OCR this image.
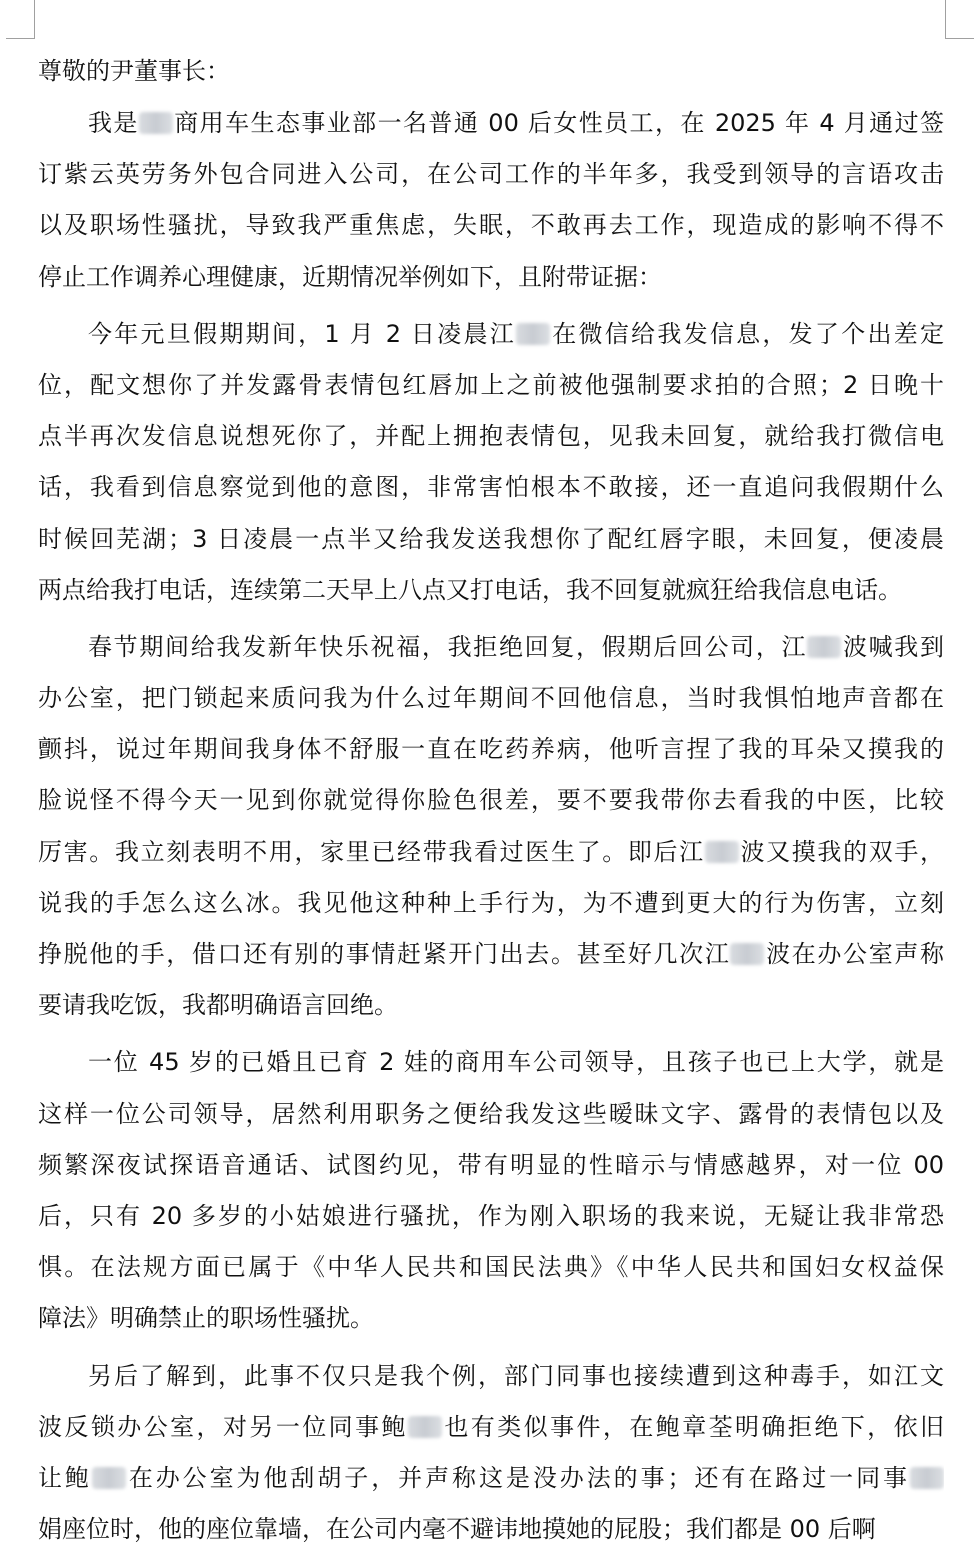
尊敬的尹董事长：
我是 商用车生态事业部一名普通 00 后女性员工，在 2025 年 4 月通过签
订紫云英劳务外包合同进入公司，在公司工作的半年多，我受到领导的言语攻击
以及职场性骚扰，导致我严重焦虑，失眠，不敢再去工作，现造成的影响不得不
停止工作调养心理健康，近期情况举例如下，且附带证据：
今年元旦假期期间，1 月 2 日凌晨江 在微信给我发信息，发了个出差定
位，配文想你了并发露骨表情包红唇加上之前被他强制要求拍的合照；2 日晚十
点半再次发信息说想死你了，并配上拥抱表情包，见我未回复，就给我打微信电
话，我看到信息察觉到他的意图，非常害怕根本不敢接，还一直追问我假期什么
时候回芜湖；3 日凌晨一点半又给我发送我想你了配红唇字眼，未回复，便凌晨
两点给我打电话，连续第二天早上八点又打电话，我不回复就疯狂给我信息电话。
春节期间给我发新年快乐祝福，我拒绝回复，假期后回公司，江 波喊我到
办公室，把门锁起来质问我为什么过年期间不回他信息，当时我惧怕地声音都在
颤抖，说过年期间我身体不舒服一直在吃药养病，他听言捏了我的耳朵又摸我的
脸说怪不得今天一见到你就觉得你脸色很差，要不要我带你去看我的中医，比较
厉害。我立刻表明不用，家里已经带我看过医生了。即后江 波又摸我的双手，
说我的手怎么这么冰。我见他这种种上手行为，为不遭到更大的行为伤害，立刻
挣脱他的手，借口还有别的事情赶紧开门出去。甚至好几次江 波在办公室声称
要请我吃饭，我都明确语言回绝。
一位 45 岁的已婚且已育 2 娃的商用车公司领导，且孩子也已上大学，就是
这样一位公司领导，居然利用职务之便给我发这些暧昧文字、露骨的表情包以及
频繁深夜试探语音通话、试图约见，带有明显的性暗示与情感越界，对一位 00
后，只有 20 多岁的小姑娘进行骚扰，作为刚入职场的我来说，无疑让我非常恐
惧。在法规方面已属于《中华人民共和国民法典》《中华人民共和国妇女权益保
障法》明确禁止的职场性骚扰。
另后了解到，此事不仅只是我个例，部门同事也接续遭到这种毒手，如江文
波反锁办公室，对另一位同事鲍 也有类似事件，在鲍章荃明确拒绝下，依旧
让鲍 在办公室为他刮胡子，并声称这是没办法的事；还有在路过一同事
娟座位时，他的座位靠墙，在公司内毫不避讳地摸她的屁股；我们都是 00 后啊
